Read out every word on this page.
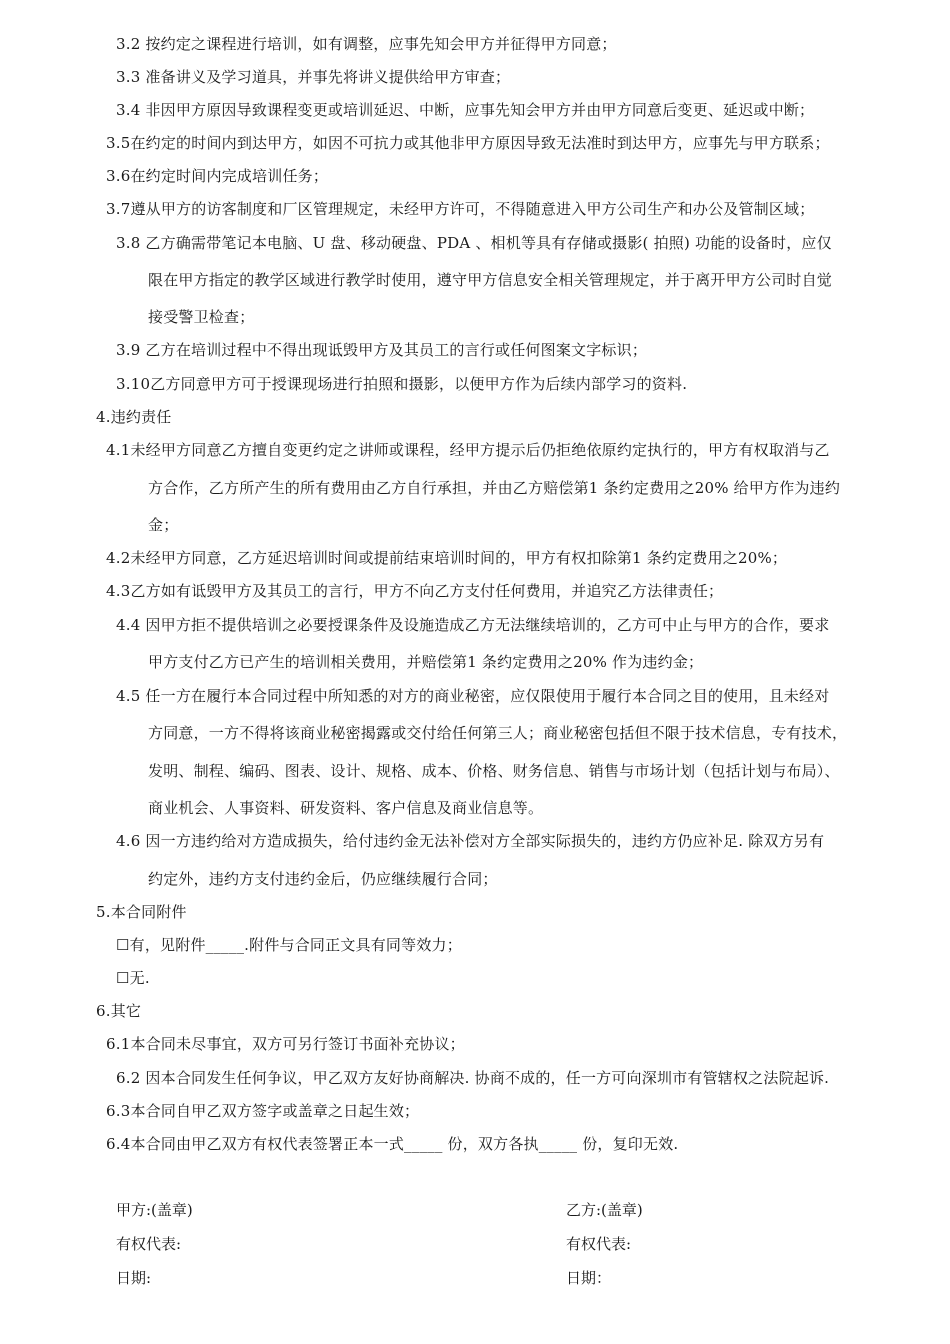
3.2 按约定之课程进行培训，如有调整，应事先知会甲方并征得甲方同意；
3.3 准备讲义及学习道具，并事先将讲义提供给甲方审查；
3.4 非因甲方原因导致课程变更或培训延迟、中断，应事先知会甲方并由甲方同意后变更、延迟或中断；
3.5在约定的时间内到达甲方，如因不可抗力或其他非甲方原因导致无法准时到达甲方，应事先与甲方联系；
3.6在约定时间内完成培训任务；
3.7遵从甲方的访客制度和厂区管理规定，未经甲方许可，不得随意进入甲方公司生产和办公及管制区域；
3.8 乙方确需带笔记本电脑、U 盘、移动硬盘、PDA 、相机等具有存储或摄影( 拍照) 功能的设备时，应仅
限在甲方指定的教学区域进行教学时使用，遵守甲方信息安全相关管理规定，并于离开甲方公司时自觉
接受警卫检查；
3.9 乙方在培训过程中不得出现诋毁甲方及其员工的言行或任何图案文字标识；
3.10乙方同意甲方可于授课现场进行拍照和摄影，以便甲方作为后续内部学习的资料.
4.违约责任
4.1未经甲方同意乙方擅自变更约定之讲师或课程，经甲方提示后仍拒绝依原约定执行的，甲方有权取消与乙
方合作，乙方所产生的所有费用由乙方自行承担，并由乙方赔偿第1 条约定费用之20% 给甲方作为违约
金；
4.2未经甲方同意，乙方延迟培训时间或提前结束培训时间的，甲方有权扣除第1 条约定费用之20%；
4.3乙方如有诋毁甲方及其员工的言行，甲方不向乙方支付任何费用，并追究乙方法律责任；
4.4 因甲方拒不提供培训之必要授课条件及设施造成乙方无法继续培训的，乙方可中止与甲方的合作，要求
甲方支付乙方已产生的培训相关费用，并赔偿第1 条约定费用之20% 作为违约金；
4.5 任一方在履行本合同过程中所知悉的对方的商业秘密，应仅限使用于履行本合同之目的使用，且未经对
方同意，一方不得将该商业秘密揭露或交付给任何第三人；商业秘密包括但不限于技术信息，专有技术，
发明、制程、编码、图表、设计、规格、成本、价格、财务信息、销售与市场计划（包括计划与布局）、
商业机会、人事资料、研发资料、客户信息及商业信息等。
4.6 因一方违约给对方造成损失，给付违约金无法补偿对方全部实际损失的，违约方仍应补足. 除双方另有
约定外，违约方支付违约金后，仍应继续履行合同；
5.本合同附件
☐有，见附件_____.附件与合同正文具有同等效力；
☐无.
6.其它
6.1本合同未尽事宜，双方可另行签订书面补充协议；
6.2 因本合同发生任何争议，甲乙双方友好协商解决. 协商不成的，任一方可向深圳市有管辖权之法院起诉.
6.3本合同自甲乙双方签字或盖章之日起生效；
6.4本合同由甲乙双方有权代表签署正本一式_____ 份，双方各执_____ 份，复印无效.
甲方:(盖章)
有权代表:
日期:
乙方:(盖章)
有权代表:
日期：
